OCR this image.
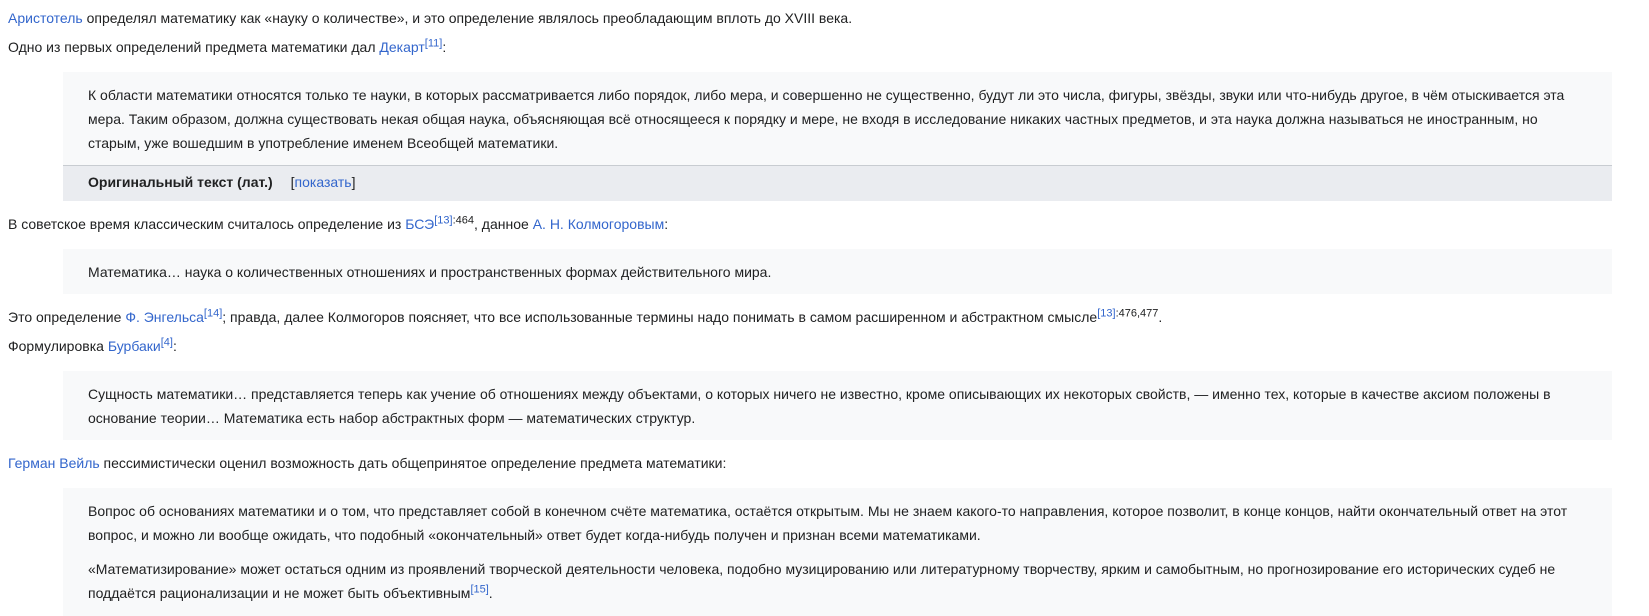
Аристотель определял математику как «науку о количестве», и это определение являлось преобладающим вплоть до XVIII века.

Одно из первых определений предмета математики дал Декарт[11]:

К области математики относятся только те науки, в которых рассматривается либо порядок, либо мера, и совершенно не существенно, будут ли это числа, фигуры, звёзды, звуки или что-нибудь другое, в чём отыскивается эта мера. Таким образом, должна существовать некая общая наука, объясняющая всё относящееся к порядку и мере, не входя в исследование никаких частных предметов, и эта наука должна называться не иностранным, но старым, уже вошедшим в употребление именем Всеобщей математики.

Оригинальный текст (лат.) [показать]

В советское время классическим считалось определение из БСЭ$^{[13]:464}$, данное А. Н. Колмогоровым:

Математика… наука о количественных отношениях и пространственных формах действительного мира.

Это определение Ф. Энгельса[14]; правда, далее Колмогоров поясняет, что все использованные термины надо понимать в самом расширенном и абстрактном смысле$^{[13]:476,477}$.

Формулировка Бурбаки[4]:

Сущность математики… представляется теперь как учение об отношениях между объектами, о которых ничего не известно, кроме описывающих их некоторых свойств, — именно тех, которые в качестве аксиом положены в основание теории… Математика есть набор абстрактных форм — математических структур.

Герман Вейль пессимистически оценил возможность дать общепринятое определение предмета математики:

Вопрос об основаниях математики и о том, что представляет собой в конечном счёте математика, остаётся открытым. Мы не знаем какого-то направления, которое позволит, в конце концов, найти окончательный ответ на этот вопрос, и можно ли вообще ожидать, что подобный «окончательный» ответ будет когда-нибудь получен и признан всеми математиками.

«Математизирование» может остаться одним из проявлений творческой деятельности человека, подобно музицированию или литературному творчеству, ярким и самобытным, но прогнозирование его исторических судеб не поддаётся рационализации и не может быть объективным[15].
